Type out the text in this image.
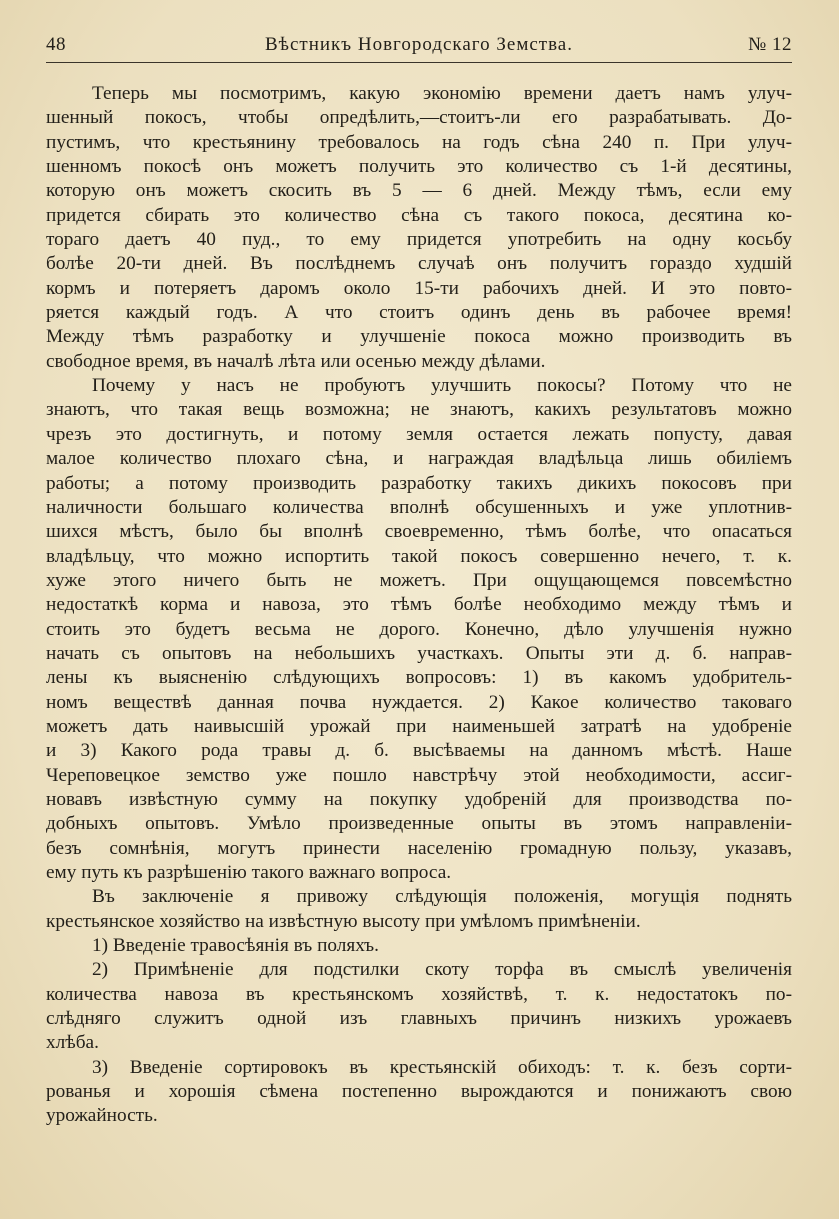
48	Вѣстникъ Новгородскаго Земства.	№ 12
Теперь мы посмотримъ, какую экономію времени даетъ намъ улуч-
шенный покосъ, чтобы опредѣлить,—стоитъ-ли его разрабатывать. До-
пустимъ, что крестьянину требовалось на годъ сѣна 240 п. При улуч-
шенномъ покосѣ онъ можетъ получить это количество съ 1-й десятины,
которую онъ можетъ скосить въ 5 — 6 дней. Между тѣмъ, если ему
придется сбирать это количество сѣна съ такого покоса, десятина ко-
тораго даетъ 40 пуд., то ему придется употребить на одну косьбу
болѣе 20-ти дней. Въ послѣднемъ случаѣ онъ получитъ гораздо худшій
кормъ и потеряетъ даромъ около 15-ти рабочихъ дней. И это повто-
ряется каждый годъ. А что стоитъ одинъ день въ рабочее время!
Между тѣмъ разработку и улучшеніе покоса можно производить въ
свободное время, въ началѣ лѣта или осенью между дѣлами.
Почему у насъ не пробуютъ улучшить покосы? Потому что не
знаютъ, что такая вещь возможна; не знаютъ, какихъ результатовъ можно
чрезъ это достигнуть, и потому земля остается лежать попусту, давая
малое количество плохаго сѣна, и награждая владѣльца лишь обиліемъ
работы; а потому производить разработку такихъ дикихъ покосовъ при
наличности большаго количества вполнѣ обсушенныхъ и уже уплотнив-
шихся мѣстъ, было бы вполнѣ своевременно, тѣмъ болѣе, что опасаться
владѣльцу, что можно испортить такой покосъ совершенно нечего, т. к.
хуже этого ничего быть не можетъ. При ощущающемся повсемѣстно
недостаткѣ корма и навоза, это тѣмъ болѣе необходимо между тѣмъ и
стоить это будетъ весьма не дорого. Конечно, дѣло улучшенія нужно
начать съ опытовъ на небольшихъ участкахъ. Опыты эти д. б. направ-
лены къ выясненію слѣдующихъ вопросовъ: 1) въ какомъ удобритель-
номъ веществѣ данная почва нуждается. 2) Какое количество таковаго
можетъ дать наивысшій урожай при наименьшей затратѣ на удобреніе
и 3) Какого рода травы д. б. высѣваемы на данномъ мѣстѣ. Наше
Череповецкое земство уже пошло навстрѣчу этой необходимости, ассиг-
новавъ извѣстную сумму на покупку удобреній для производства по-
добныхъ опытовъ. Умѣло произведенные опыты въ этомъ направленіи-
безъ сомнѣнія, могутъ принести населенію громадную пользу, указавъ,
ему путь къ разрѣшенію такого важнаго вопроса.
Въ заключеніе я привожу слѣдующія положенія, могущія поднять
крестьянское хозяйство на извѣстную высоту при умѣломъ примѣненіи.
1) Введеніе травосѣянія въ поляхъ.
2) Примѣненіе для подстилки скоту торфа въ смыслѣ увеличенія
количества навоза въ крестьянскомъ хозяйствѣ, т. к. недостатокъ по-
слѣдняго служитъ одной изъ главныхъ причинъ низкихъ урожаевъ
хлѣба.
3) Введеніе сортировокъ въ крестьянскій обиходъ: т. к. безъ сорти-
рованья и хорошія сѣмена постепенно вырождаются и понижаютъ свою
урожайность.
